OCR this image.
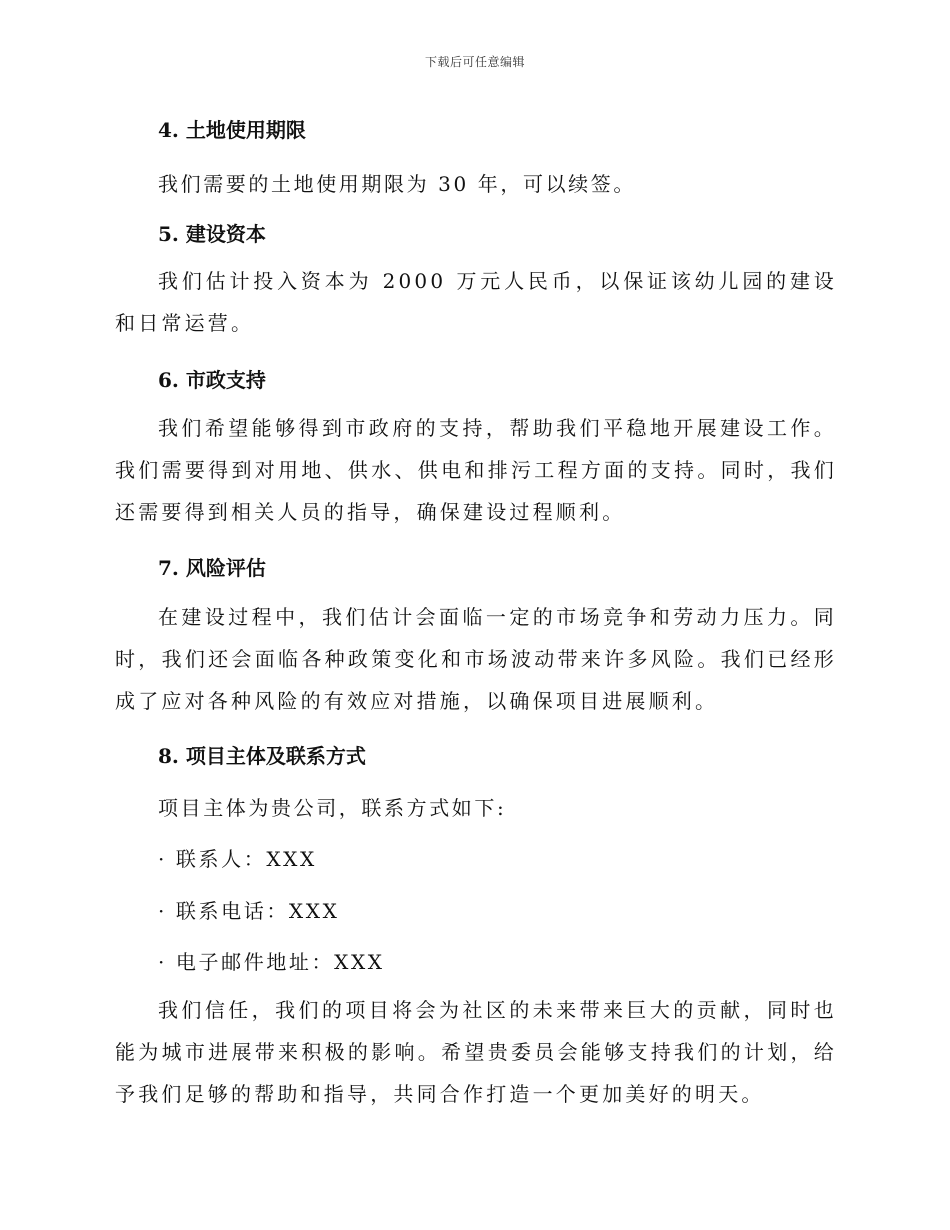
下载后可任意编辑
4. 土地使用期限
我们需要的土地使用期限为 30 年，可以续签。
5. 建设资本
我们估计投入资本为 2000 万元人民币，以保证该幼儿园的建设和日常运营。
6. 市政支持
我们希望能够得到市政府的支持，帮助我们平稳地开展建设工作。我们需要得到对用地、供水、供电和排污工程方面的支持。同时，我们还需要得到相关人员的指导，确保建设过程顺利。
7. 风险评估
在建设过程中，我们估计会面临一定的市场竞争和劳动力压力。同时，我们还会面临各种政策变化和市场波动带来许多风险。我们已经形成了应对各种风险的有效应对措施，以确保项目进展顺利。
8. 项目主体及联系方式
项目主体为贵公司，联系方式如下:
· 联系人：XXX
· 联系电话：XXX
· 电子邮件地址：XXX
我们信任，我们的项目将会为社区的未来带来巨大的贡献，同时也能为城市进展带来积极的影响。希望贵委员会能够支持我们的计划，给予我们足够的帮助和指导，共同合作打造一个更加美好的明天。
